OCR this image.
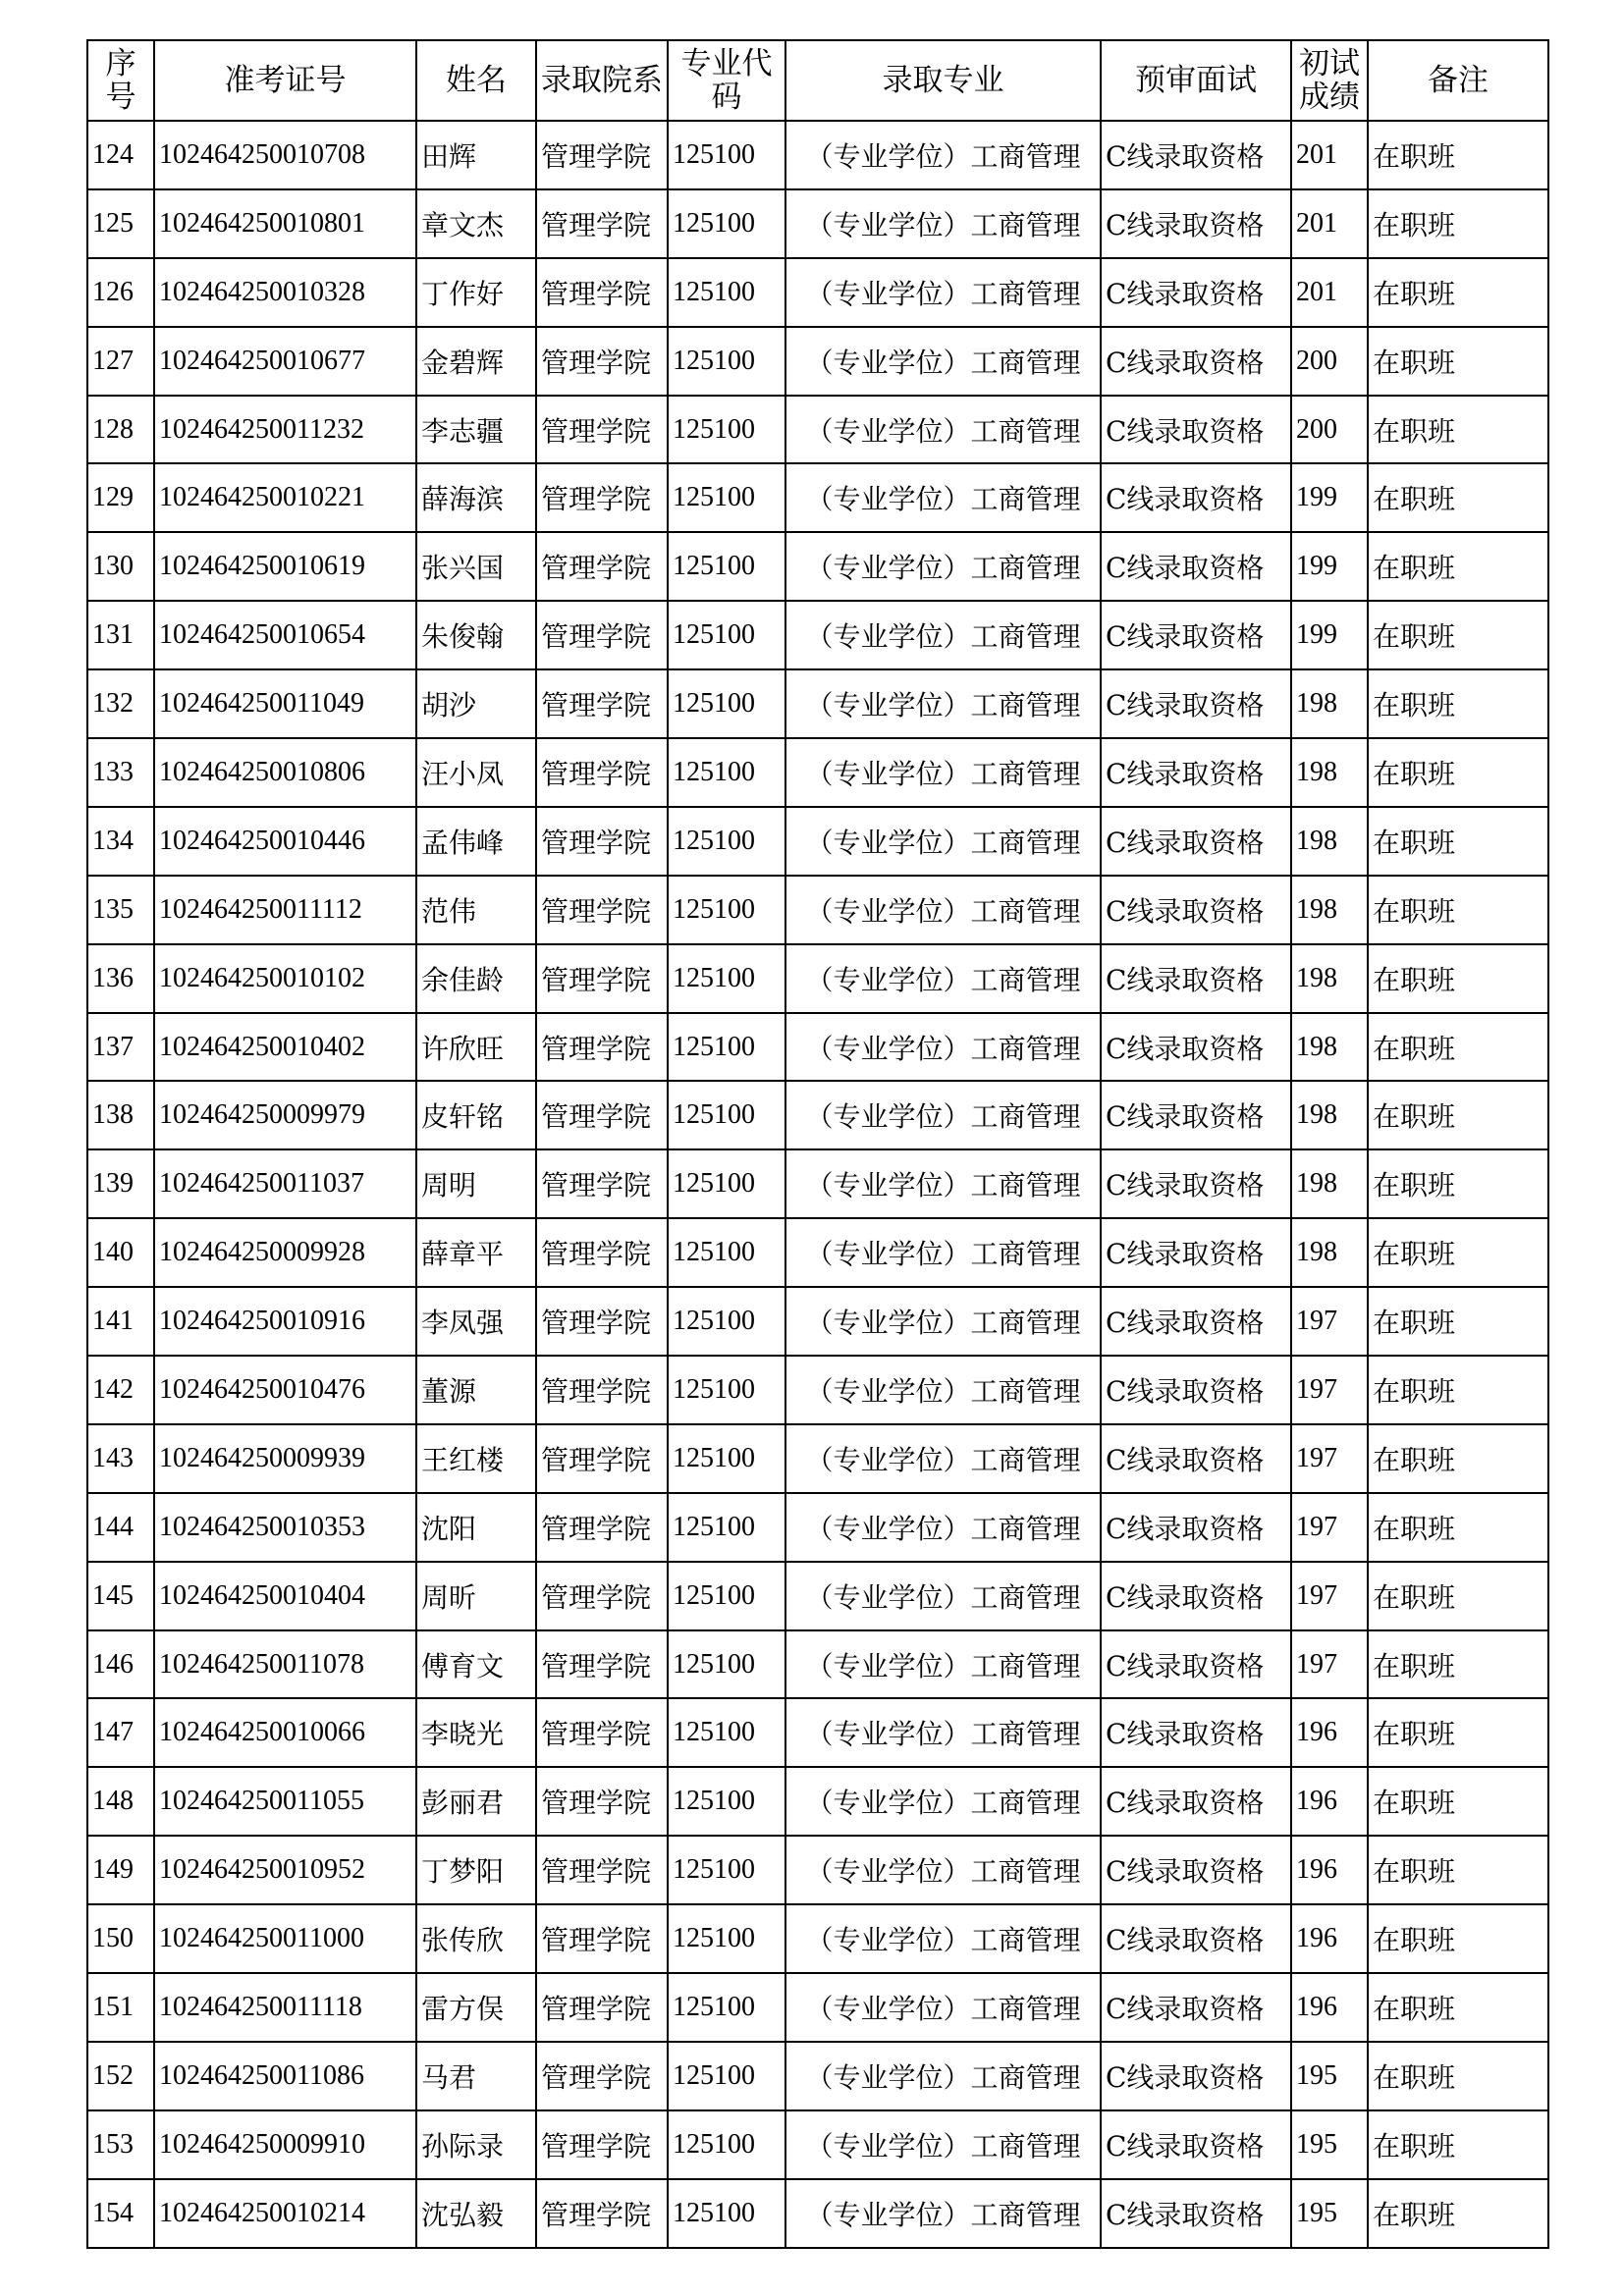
序号	准考证号	姓名	录取院系	专业代码	录取专业	预审面试	初试成绩	备注
124	102464250010708	田辉	管理学院	125100	（专业学位）工商管理	C线录取资格	201	在职班
125	102464250010801	章文杰	管理学院	125100	（专业学位）工商管理	C线录取资格	201	在职班
126	102464250010328	丁作好	管理学院	125100	（专业学位）工商管理	C线录取资格	201	在职班
127	102464250010677	金碧辉	管理学院	125100	（专业学位）工商管理	C线录取资格	200	在职班
128	102464250011232	李志疆	管理学院	125100	（专业学位）工商管理	C线录取资格	200	在职班
129	102464250010221	薛海滨	管理学院	125100	（专业学位）工商管理	C线录取资格	199	在职班
130	102464250010619	张兴国	管理学院	125100	（专业学位）工商管理	C线录取资格	199	在职班
131	102464250010654	朱俊翰	管理学院	125100	（专业学位）工商管理	C线录取资格	199	在职班
132	102464250011049	胡沙	管理学院	125100	（专业学位）工商管理	C线录取资格	198	在职班
133	102464250010806	汪小凤	管理学院	125100	（专业学位）工商管理	C线录取资格	198	在职班
134	102464250010446	孟伟峰	管理学院	125100	（专业学位）工商管理	C线录取资格	198	在职班
135	102464250011112	范伟	管理学院	125100	（专业学位）工商管理	C线录取资格	198	在职班
136	102464250010102	余佳龄	管理学院	125100	（专业学位）工商管理	C线录取资格	198	在职班
137	102464250010402	许欣旺	管理学院	125100	（专业学位）工商管理	C线录取资格	198	在职班
138	102464250009979	皮轩铭	管理学院	125100	（专业学位）工商管理	C线录取资格	198	在职班
139	102464250011037	周明	管理学院	125100	（专业学位）工商管理	C线录取资格	198	在职班
140	102464250009928	薛章平	管理学院	125100	（专业学位）工商管理	C线录取资格	198	在职班
141	102464250010916	李凤强	管理学院	125100	（专业学位）工商管理	C线录取资格	197	在职班
142	102464250010476	董源	管理学院	125100	（专业学位）工商管理	C线录取资格	197	在职班
143	102464250009939	王红楼	管理学院	125100	（专业学位）工商管理	C线录取资格	197	在职班
144	102464250010353	沈阳	管理学院	125100	（专业学位）工商管理	C线录取资格	197	在职班
145	102464250010404	周昕	管理学院	125100	（专业学位）工商管理	C线录取资格	197	在职班
146	102464250011078	傅育文	管理学院	125100	（专业学位）工商管理	C线录取资格	197	在职班
147	102464250010066	李晓光	管理学院	125100	（专业学位）工商管理	C线录取资格	196	在职班
148	102464250011055	彭丽君	管理学院	125100	（专业学位）工商管理	C线录取资格	196	在职班
149	102464250010952	丁梦阳	管理学院	125100	（专业学位）工商管理	C线录取资格	196	在职班
150	102464250011000	张传欣	管理学院	125100	（专业学位）工商管理	C线录取资格	196	在职班
151	102464250011118	雷方俣	管理学院	125100	（专业学位）工商管理	C线录取资格	196	在职班
152	102464250011086	马君	管理学院	125100	（专业学位）工商管理	C线录取资格	195	在职班
153	102464250009910	孙际录	管理学院	125100	（专业学位）工商管理	C线录取资格	195	在职班
154	102464250010214	沈弘毅	管理学院	125100	（专业学位）工商管理	C线录取资格	195	在职班
